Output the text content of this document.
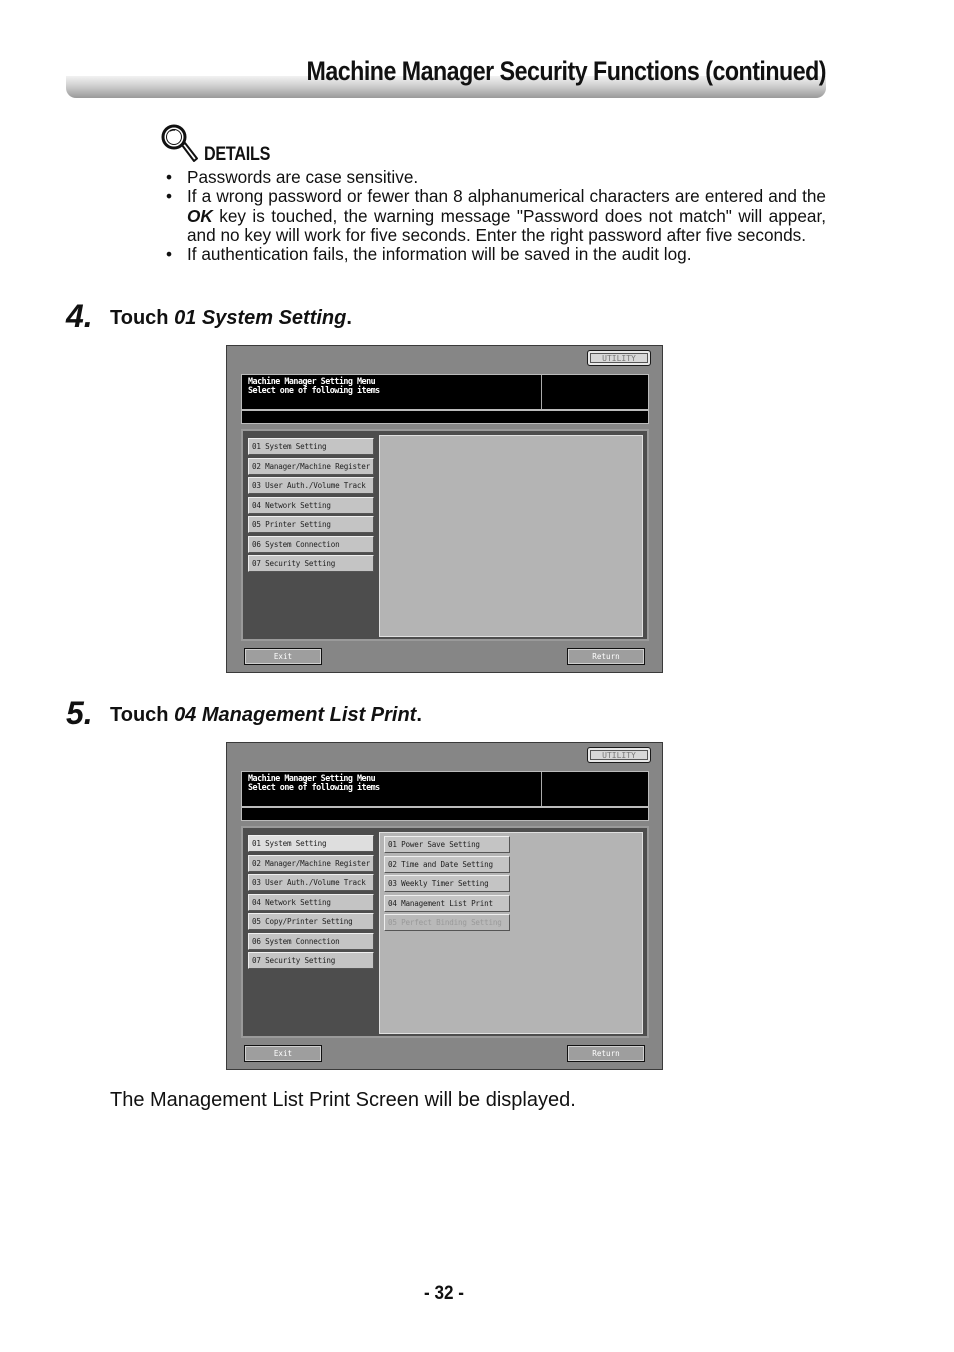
Machine Manager Security Functions (continued)
DETAILS
• Passwords are case sensitive.
• If a wrong password or fewer than 8 alphanumerical characters are entered and the OK key is touched, the warning message "Password does not match" will appear, and no key will work for five seconds. Enter the right password after five seconds.
• If authentication fails, the information will be saved in the audit log.
4. Touch 01 System Setting.
UTILITY
Machine Manager Setting Menu
Select one of following items
01 System Setting
02 Manager/Machine Register
03 User Auth./Volume Track
04 Network Setting
05 Printer Setting
06 System Connection
07 Security Setting
Exit	Return
5. Touch 04 Management List Print.
UTILITY
Machine Manager Setting Menu
Select one of following items
01 System Setting
02 Manager/Machine Register
03 User Auth./Volume Track
04 Network Setting
05 Copy/Printer Setting
06 System Connection
07 Security Setting
01 Power Save Setting
02 Time and Date Setting
03 Weekly Timer Setting
04 Management List Print
05 Perfect Binding Setting
Exit	Return
The Management List Print Screen will be displayed.
- 32 -
